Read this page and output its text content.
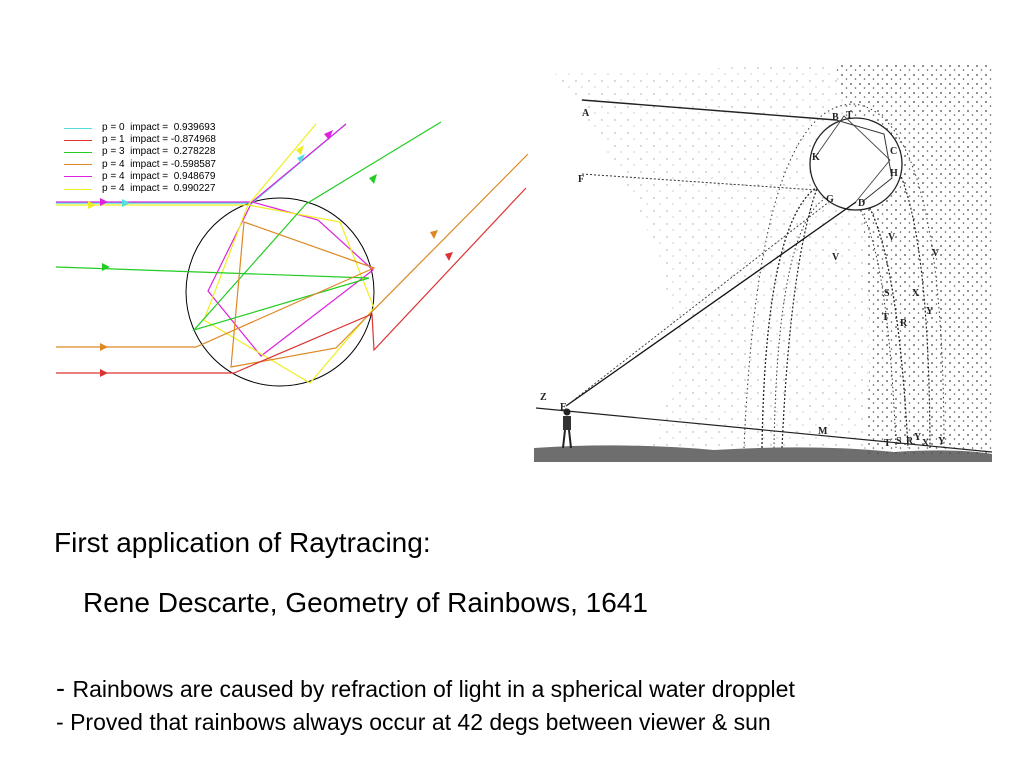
p = 0  impact =  0.939693
p = 1  impact = -0.874968
p = 3  impact =  0.278228
p = 4  impact = -0.598587
p = 4  impact =  0.948679
p = 4  impact =  0.990227
A
F
B T
K
C
H
G D
V
V	V
S X
T
R
Y
Z
E
M
T S R Y
X Y
First application of Raytracing:
Rene Descarte, Geometry of Rainbows, 1641
- Rainbows are caused by refraction of light in a spherical water dropplet
- Proved that rainbows always occur at 42 degs between viewer & sun
